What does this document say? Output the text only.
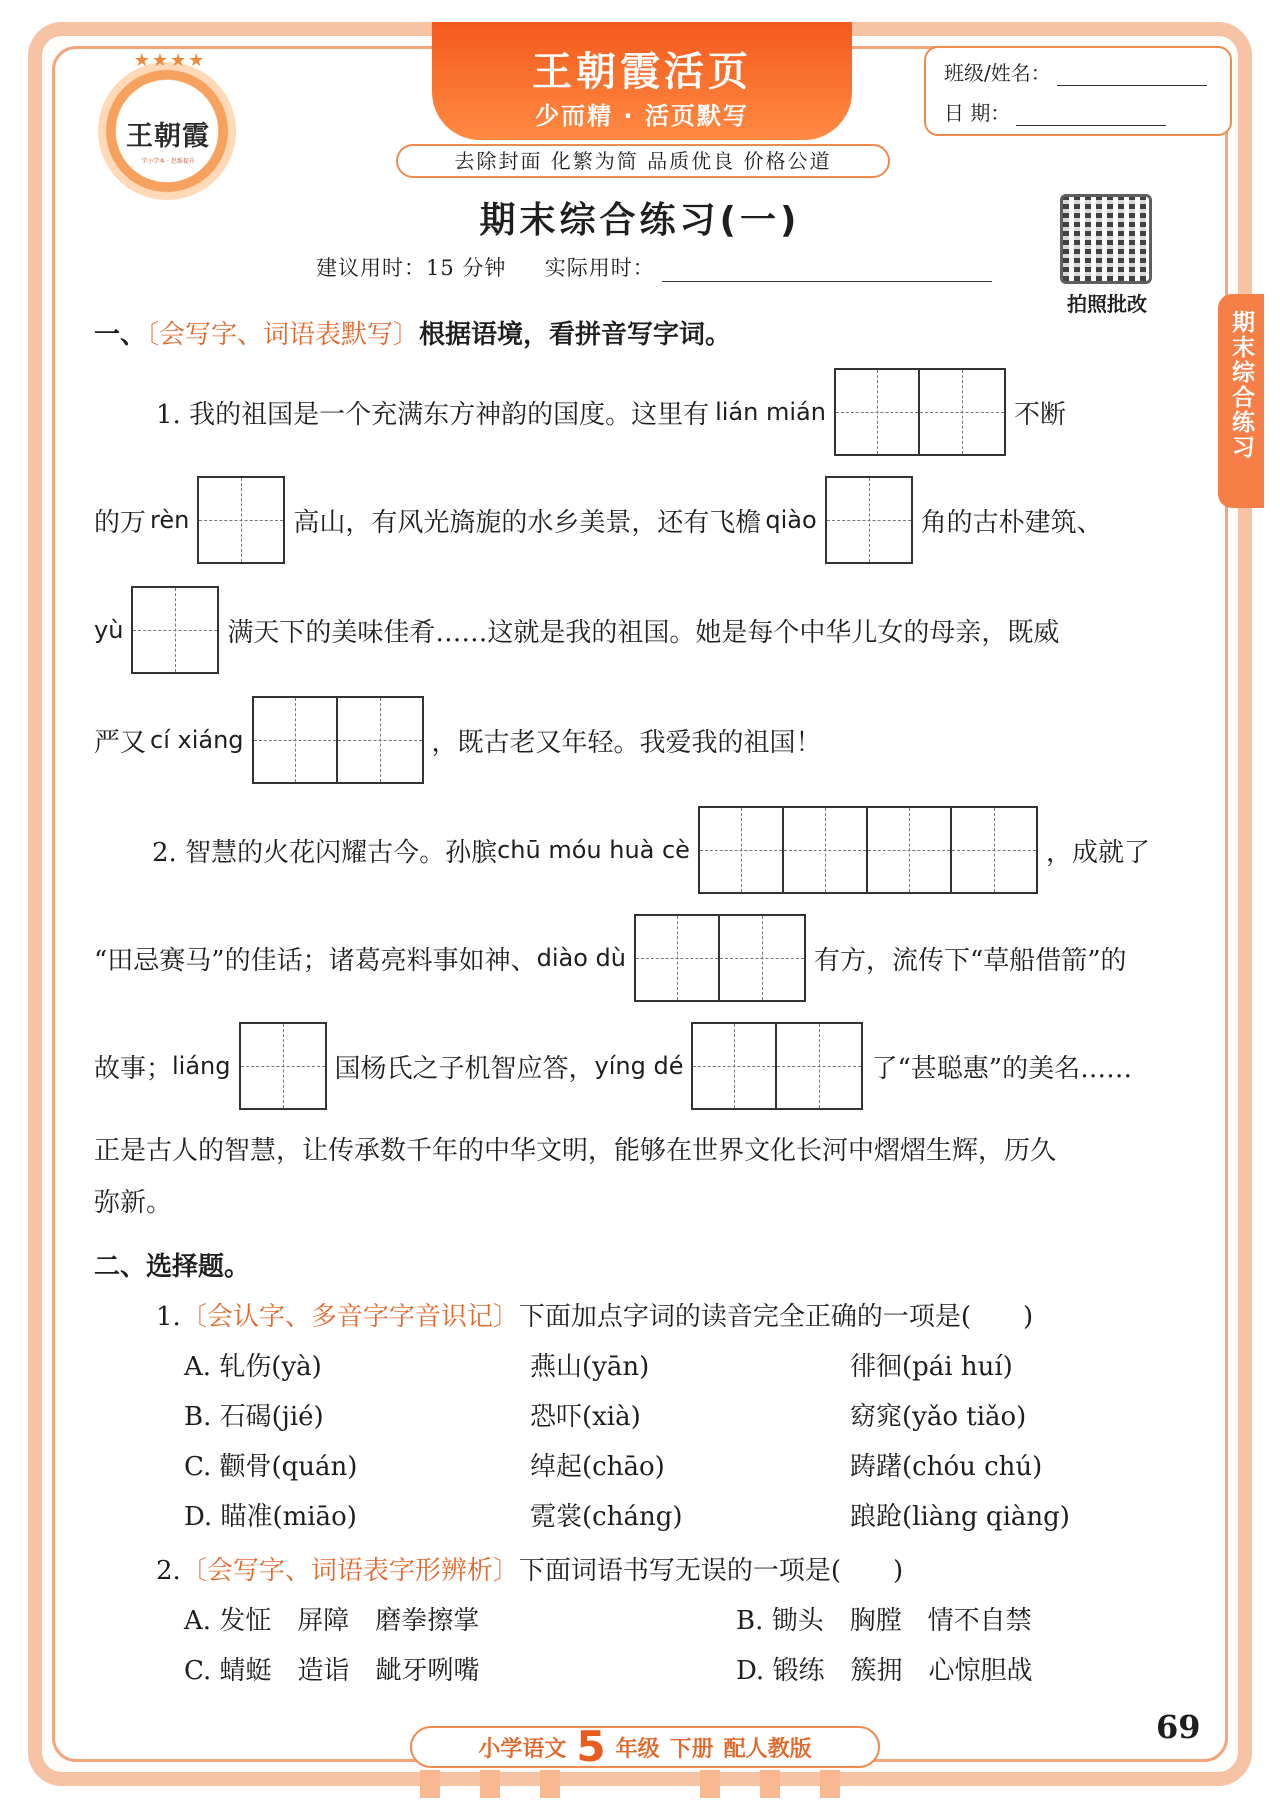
★★★★
王朝霞
学小学本 · 思维提升
王朝霞活页
少而精 · 活页默写
去除封面 化繁为简 品质优良 价格公道
班级/姓名：
日 期：
期末综合练习(一)
建议用时：15 分钟 实际用时：
拍照批改
期末综合练习
一、〔会写字、词语表默写〕根据语境，看拼音写字词。
1. 我的祖国是一个充满东方神韵的国度。这里有 lián mián	不断
的万 rèn	高山，有风光旖旎的水乡美景，还有飞檐 qiào	角的古朴建筑、
yù	满天下的美味佳肴……这就是我的祖国。她是每个中华儿女的母亲，既威
严又 cí xiáng	，既古老又年轻。我爱我的祖国！
2. 智慧的火花闪耀古今。孙膑 chū móu huà cè	，成就了
“田忌赛马”的佳话；诸葛亮料事如神、 diào dù	有方，流传下“草船借箭”的
故事； liáng	国杨氏之子机智应答， yíng dé	了“甚聪惠”的美名……
正是古人的智慧，让传承数千年的中华文明，能够在世界文化长河中熠熠生辉，历久
弥新。
二、选择题。
1.〔会认字、多音字字音识记〕下面加点字词的读音完全正确的一项是(　　)
A. 轧伤(yà)	燕山(yān)	徘徊(pái huí)
B. 石碣(jié)	恐吓(xià)	窈窕(yǎo tiǎo)
C. 颧骨(quán)	绰起(chāo)	踌躇(chóu chú)
D. 瞄准(miāo)	霓裳(cháng)	踉跄(liàng qiàng)
2.〔会写字、词语表字形辨析〕下面词语书写无误的一项是(　　)
A. 发怔　屏障　磨拳擦掌	B. 锄头　胸膛　情不自禁
C. 蜻蜓　造诣　龇牙咧嘴	D. 锻练　簇拥　心惊胆战
小学语文 5 年级 下册 配人教版
69
